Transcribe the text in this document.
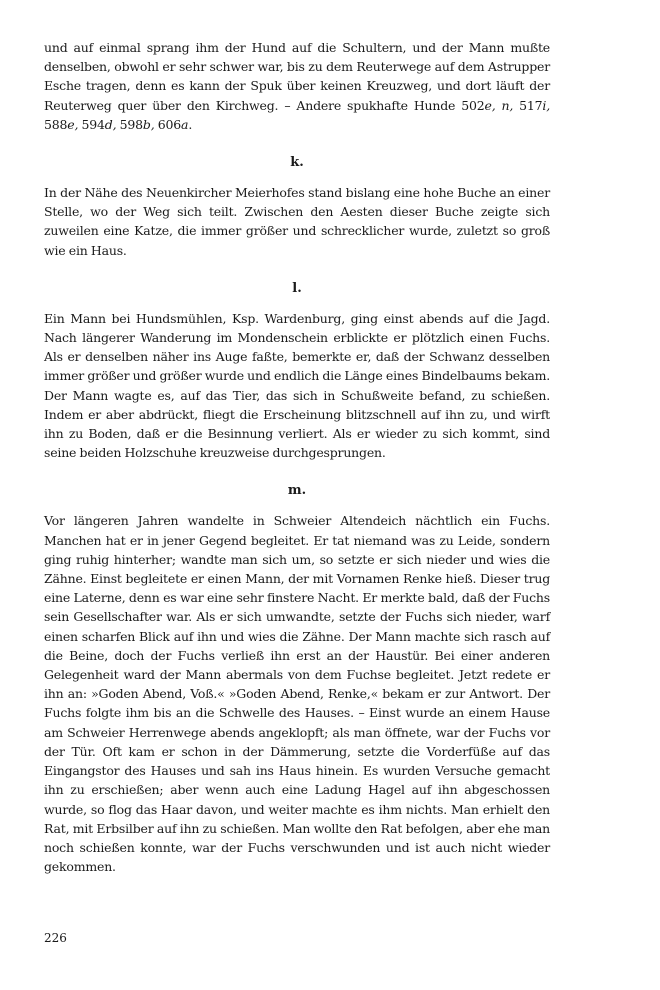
und auf einmal sprang ihm der Hund auf die Schultern, und der Mann mußte denselben, obwohl er sehr schwer war, bis zu dem Reuterwege auf dem Astrupper Esche tragen, denn es kann der Spuk über keinen Kreuzweg, und dort läuft der Reuterweg quer über den Kirchweg. – Andere spukhafte Hunde 502e, n, 517i, 588e, 594d, 598b, 606a.

k.

In der Nähe des Neuenkircher Meierhofes stand bislang eine hohe Buche an einer Stelle, wo der Weg sich teilt. Zwischen den Aesten dieser Buche zeigte sich zuweilen eine Katze, die immer größer und schrecklicher wurde, zuletzt so groß wie ein Haus.

l.

Ein Mann bei Hundsmühlen, Ksp. Wardenburg, ging einst abends auf die Jagd. Nach längerer Wanderung im Mondenschein erblickte er plötzlich einen Fuchs. Als er denselben näher ins Auge faßte, bemerkte er, daß der Schwanz desselben immer größer und größer wurde und endlich die Länge eines Bindelbaums bekam. Der Mann wagte es, auf das Tier, das sich in Schußweite befand, zu schießen. Indem er aber abdrückt, fliegt die Erscheinung blitzschnell auf ihn zu, und wirft ihn zu Boden, daß er die Besinnung verliert. Als er wieder zu sich kommt, sind seine beiden Holzschuhe kreuzweise durchgesprungen.

m.

Vor längeren Jahren wandelte in Schweier Altendeich nächtlich ein Fuchs. Manchen hat er in jener Gegend begleitet. Er tat niemand was zu Leide, sondern ging ruhig hinterher; wandte man sich um, so setzte er sich nieder und wies die Zähne. Einst begleitete er einen Mann, der mit Vornamen Renke hieß. Dieser trug eine Laterne, denn es war eine sehr finstere Nacht. Er merkte bald, daß der Fuchs sein Gesellschafter war. Als er sich umwandte, setzte der Fuchs sich nieder, warf einen scharfen Blick auf ihn und wies die Zähne. Der Mann machte sich rasch auf die Beine, doch der Fuchs verließ ihn erst an der Haustür. Bei einer anderen Gelegenheit ward der Mann abermals von dem Fuchse begleitet. Jetzt redete er ihn an: »Goden Abend, Voß.« »Goden Abend, Renke,« bekam er zur Antwort. Der Fuchs folgte ihm bis an die Schwelle des Hauses. – Einst wurde an einem Hause am Schweier Herrenwege abends angeklopft; als man öffnete, war der Fuchs vor der Tür. Oft kam er schon in der Dämmerung, setzte die Vorderfüße auf das Eingangstor des Hauses und sah ins Haus hinein. Es wurden Versuche gemacht ihn zu erschießen; aber wenn auch eine Ladung Hagel auf ihn abgeschossen wurde, so flog das Haar davon, und weiter machte es ihm nichts. Man erhielt den Rat, mit Erbsilber auf ihn zu schießen. Man wollte den Rat befolgen, aber ehe man noch schießen konnte, war der Fuchs verschwunden und ist auch nicht wieder gekommen.

226
